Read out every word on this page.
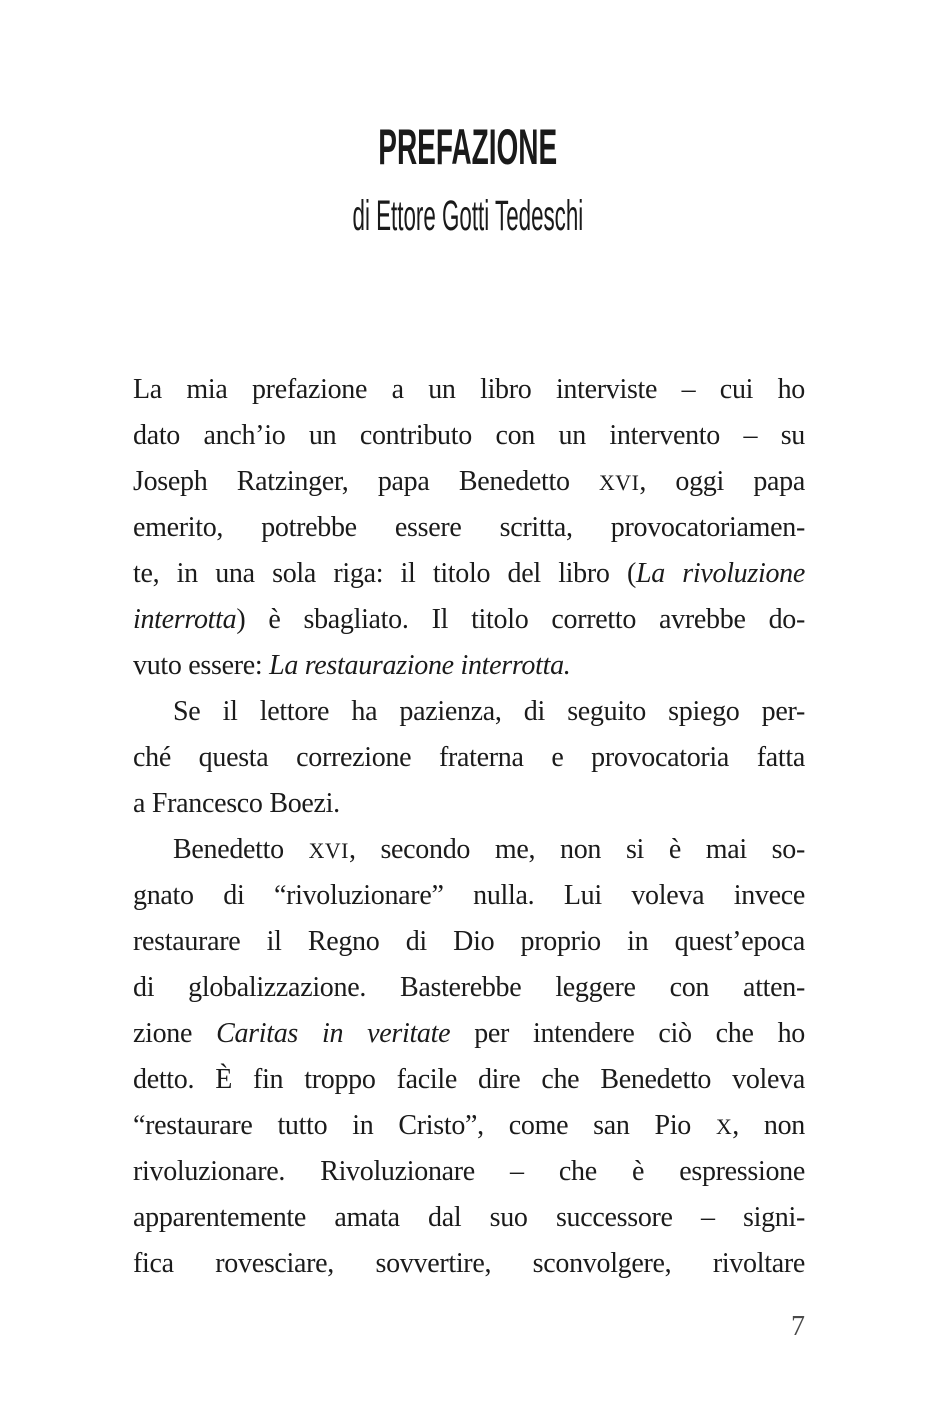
PREFAZIONE
di Ettore Gotti Tedeschi
La mia prefazione a un libro interviste – cui ho
dato anch’io un contributo con un intervento – su
Joseph Ratzinger, papa Benedetto XVI, oggi papa
emerito, potrebbe essere scritta, provocatoriamen-
te, in una sola riga: il titolo del libro (La rivoluzione
interrotta) è sbagliato. Il titolo corretto avrebbe do-
vuto essere: La restaurazione interrotta.
Se il lettore ha pazienza, di seguito spiego per-
ché questa correzione fraterna e provocatoria fatta
a Francesco Boezi.
Benedetto XVI, secondo me, non si è mai so-
gnato di “rivoluzionare” nulla. Lui voleva invece
restaurare il Regno di Dio proprio in quest’epoca
di globalizzazione. Basterebbe leggere con atten-
zione Caritas in veritate per intendere ciò che ho
detto. È fin troppo facile dire che Benedetto voleva
“restaurare tutto in Cristo”, come san Pio X, non
rivoluzionare. Rivoluzionare – che è espressione
apparentemente amata dal suo successore – signi-
fica rovesciare, sovvertire, sconvolgere, rivoltare
7
